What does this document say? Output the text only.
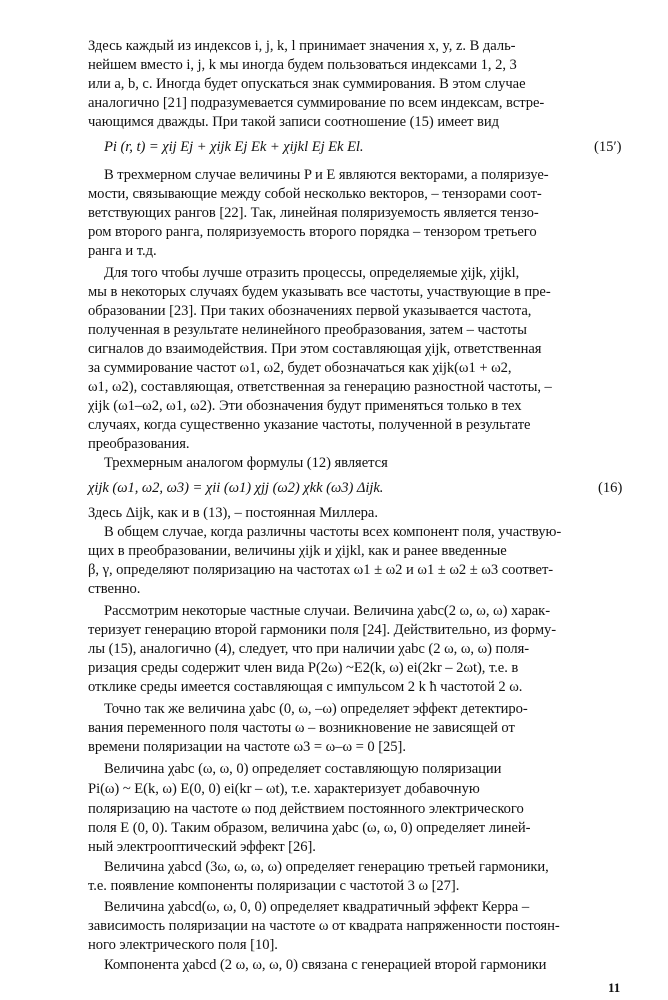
Здесь каждый из индексов i, j, k, l принимает значения x, y, z. В даль-
нейшем вместо i, j, k мы иногда будем пользоваться индексами 1, 2, 3
или a, b, c. Иногда будет опускаться знак суммирования. В этом случае
аналогично [21] подразумевается суммирование по всем индексам, встре-
чающимся дважды. При такой записи соотношение (15) имеет вид
Pi (r, t) = χij Ej + χijk Ej Ek + χijkl Ej Ek El.	(15′)
В трехмерном случае величины P и E являются векторами, а поляризуе-
мости, связывающие между собой несколько векторов, – тензорами соот-
ветствующих рангов [22]. Так, линейная поляризуемость является тензо-
ром второго ранга, поляризуемость второго порядка – тензором третьего
ранга и т.д.
Для того чтобы лучше отразить процессы, определяемые χijk, χijkl,
мы в некоторых случаях будем указывать все частоты, участвующие в пре-
образовании [23]. При таких обозначениях первой указывается частота,
полученная в результате нелинейного преобразования, затем – частоты
сигналов до взаимодействия. При этом составляющая χijk, ответственная
за суммирование частот ω1, ω2, будет обозначаться как χijk(ω1 + ω2,
ω1, ω2), составляющая, ответственная за генерацию разностной частоты, –
χijk (ω1–ω2, ω1, ω2). Эти обозначения будут применяться только в тех
случаях, когда существенно указание частоты, полученной в результате
преобразования.
Трехмерным аналогом формулы (12) является
χijk (ω1, ω2, ω3) = χii (ω1) χjj (ω2) χkk (ω3) Δijk.	(16)
Здесь Δijk, как и в (13), – постоянная Миллера.
В общем случае, когда различны частоты всех компонент поля, участвую-
щих в преобразовании, величины χijk и χijkl, как и ранее введенные
β, γ, определяют поляризацию на частотах ω1 ± ω2 и ω1 ± ω2 ± ω3 соответ-
ственно.
Рассмотрим некоторые частные случаи. Величина χabc(2 ω, ω, ω) харак-
теризует генерацию второй гармоники поля [24]. Действительно, из форму-
лы (15), аналогично (4), следует, что при наличии χabc (2 ω, ω, ω) поля-
ризация среды содержит член вида P(2ω) ~E2(k, ω) ei(2kr – 2ωt), т.е. в
отклике среды имеется составляющая с импульсом 2 k ħ частотой 2 ω.
Точно так же величина χabc (0, ω, –ω) определяет эффект детектиро-
вания переменного поля частоты ω – возникновение не зависящей от
времени поляризации на частоте ω3 = ω–ω = 0 [25].
Величина χabc (ω, ω, 0) определяет составляющую поляризации
Pi(ω) ~ E(k, ω) E(0, 0) ei(kr – ωt), т.е. характеризует добавочную
поляризацию на частоте ω под действием постоянного электрического
поля E (0, 0). Таким образом, величина χabc (ω, ω, 0) определяет линей-
ный электрооптический эффект [26].
Величина χabcd (3ω, ω, ω, ω) определяет генерацию третьей гармоники,
т.е. появление компоненты поляризации с частотой 3 ω [27].
Величина χabcd(ω, ω, 0, 0) определяет квадратичный эффект Керра –
зависимость поляризации на частоте ω от квадрата напряженности постоян-
ного электрического поля [10].
Компонента χabcd (2 ω, ω, ω, 0) связана с генерацией второй гармоники
11
